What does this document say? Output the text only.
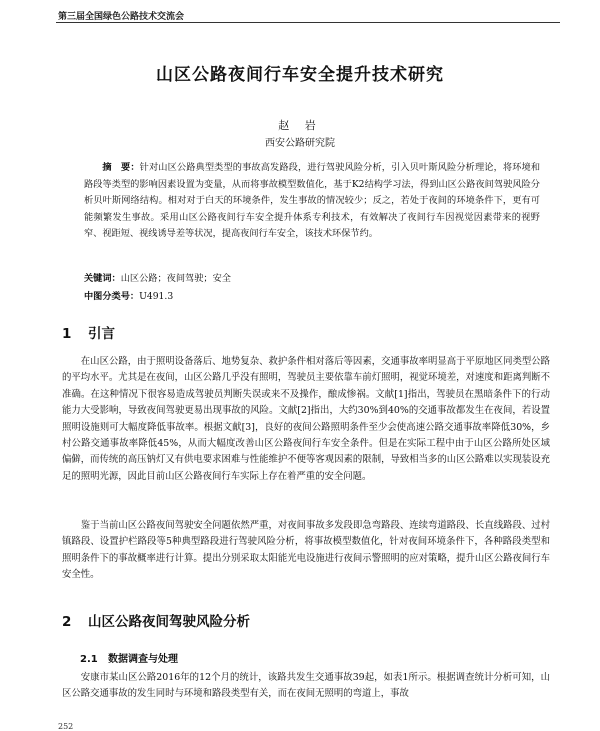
第三届全国绿色公路技术交流会
山区公路夜间行车安全提升技术研究
赵 岩
西安公路研究院
摘　要：针对山区公路典型类型的事故高发路段，进行驾驶风险分析，引入贝叶斯风险分析理论，将环境和路段等类型的影响因素设置为变量，从而将事故模型数值化，基于K2结构学习法，得到山区公路夜间驾驶风险分析贝叶斯网络结构。相对对于白天的环境条件，发生事故的情况较少；反之，若处于夜间的环境条件下，更有可能频繁发生事故。采用山区公路夜间行车安全提升体系专利技术，有效解决了夜间行车因视觉因素带来的视野窄、视距短、视线诱导差等状况，提高夜间行车安全，该技术环保节约。
关键词：山区公路；夜间驾驶；安全
中图分类号：U491.3
1 引言
在山区公路，由于照明设备落后、地势复杂、救护条件相对落后等因素，交通事故率明显高于平原地区同类型公路的平均水平。尤其是在夜间，山区公路几乎没有照明，驾驶员主要依靠车前灯照明，视觉环境差，对速度和距离判断不准确。在这种情况下很容易造成驾驶员判断失误或来不及操作，酿成惨祸。文献[1]指出，驾驶员在黑暗条件下的行动能力大受影响，导致夜间驾驶更易出现事故的风险。文献[2]指出，大约30%到40%的交通事故都发生在夜间，若设置照明设施则可大幅度降低事故率。根据文献[3]，良好的夜间公路照明条件至少会使高速公路交通事故率降低30%，乡村公路交通事故率降低45%，从而大幅度改善山区公路夜间行车安全条件。但是在实际工程中由于山区公路所处区域偏僻，而传统的高压钠灯又有供电要求困难与性能维护不便等客观因素的限制，导致相当多的山区公路难以实现装设充足的照明光源，因此目前山区公路夜间行车实际上存在着严重的安全问题。
鉴于当前山区公路夜间驾驶安全问题依然严重，对夜间事故多发段即急弯路段、连续弯道路段、长直线路段、过村镇路段、设置护栏路段等5种典型路段进行驾驶风险分析，将事故模型数值化，针对夜间环境条件下，各种路段类型和照明条件下的事故概率进行计算。提出分别采取太阳能光电设施进行夜间示警照明的应对策略，提升山区公路夜间行车安全性。
2 山区公路夜间驾驶风险分析
2.1 数据调查与处理
安康市某山区公路2016年的12个月的统计，该路共发生交通事故39起，如表1所示。根据调查统计分析可知，山区公路交通事故的发生同时与环境和路段类型有关，而在夜间无照明的弯道上，事故
252
